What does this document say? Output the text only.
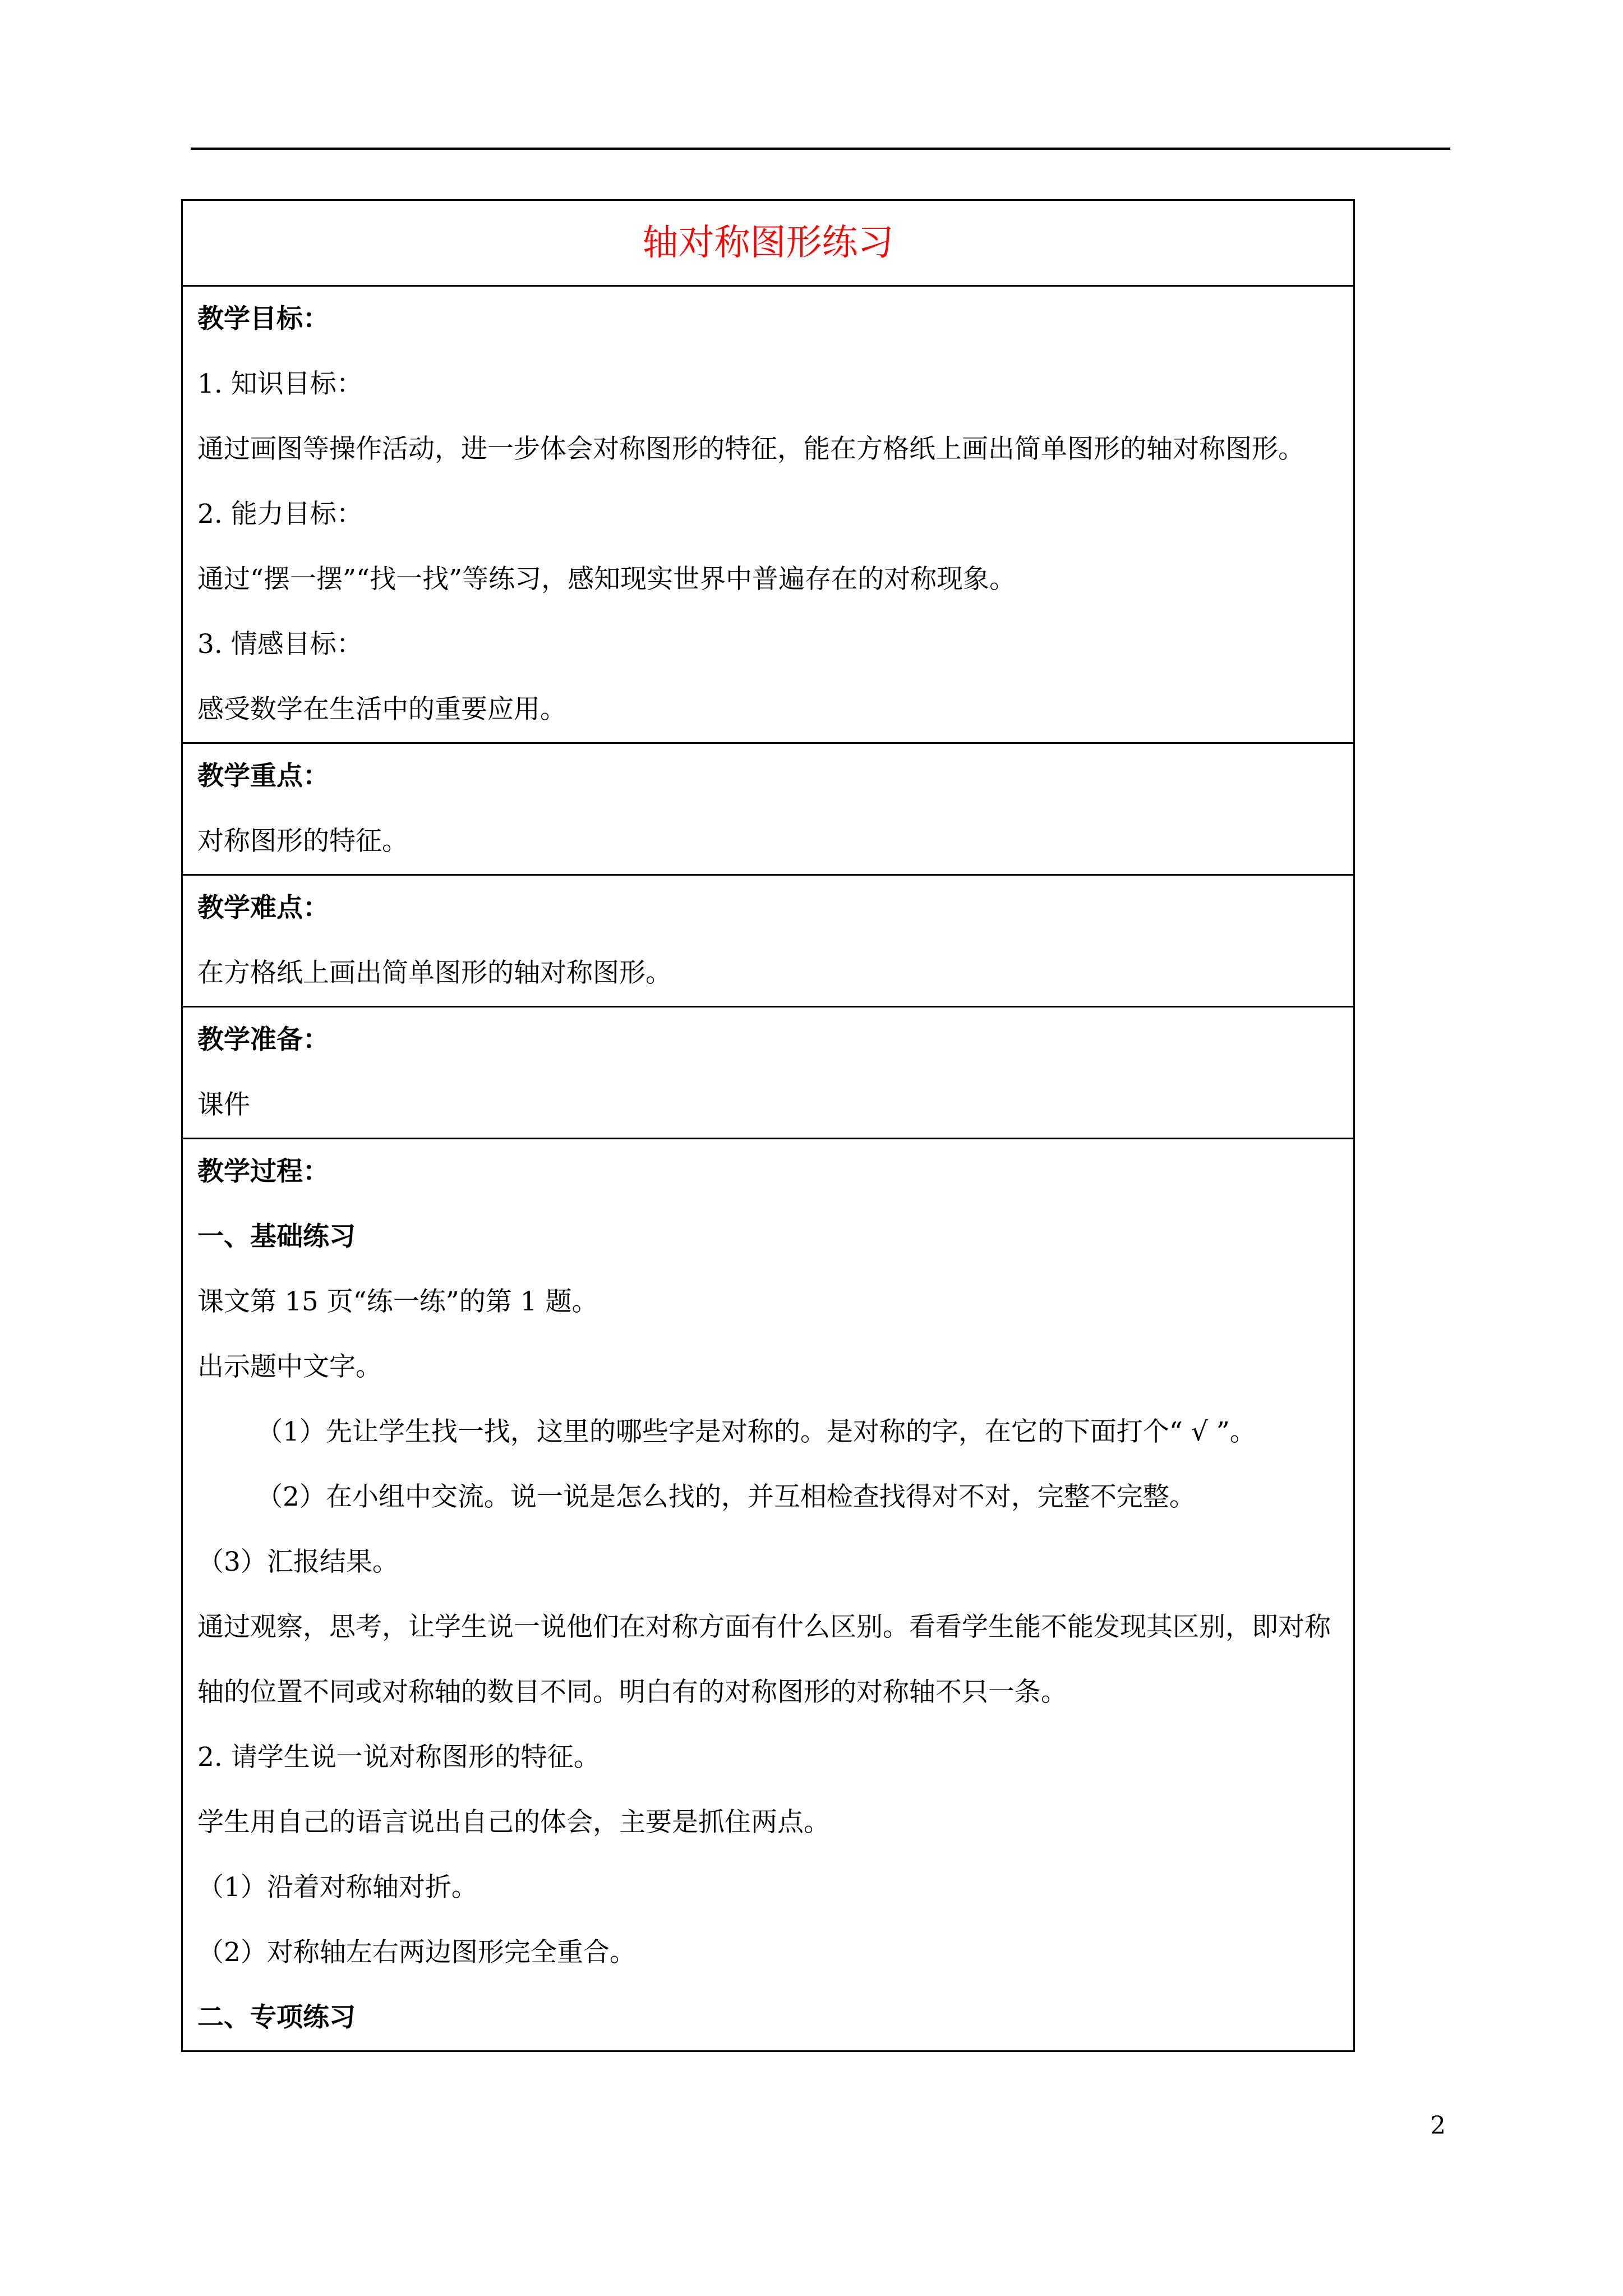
轴对称图形练习

教学目标：
1. 知识目标：
通过画图等操作活动，进一步体会对称图形的特征，能在方格纸上画出简单图形的轴对称图形。
2. 能力目标：
通过“摆一摆”“找一找”等练习，感知现实世界中普遍存在的对称现象。
3. 情感目标：
感受数学在生活中的重要应用。

教学重点：
对称图形的特征。

教学难点：
在方格纸上画出简单图形的轴对称图形。

教学准备：
课件

教学过程：
一、基础练习
课文第 15 页“练一练”的第 1 题。
出示题中文字。
（1）先让学生找一找，这里的哪些字是对称的。是对称的字，在它的下面打个“ √ ”。
（2）在小组中交流。说一说是怎么找的，并互相检查找得对不对，完整不完整。
（3）汇报结果。
通过观察，思考，让学生说一说他们在对称方面有什么区别。看看学生能不能发现其区别，即对称轴的位置不同或对称轴的数目不同。明白有的对称图形的对称轴不只一条。
2. 请学生说一说对称图形的特征。
学生用自己的语言说出自己的体会，主要是抓住两点。
（1）沿着对称轴对折。
（2）对称轴左右两边图形完全重合。
二、专项练习
2
